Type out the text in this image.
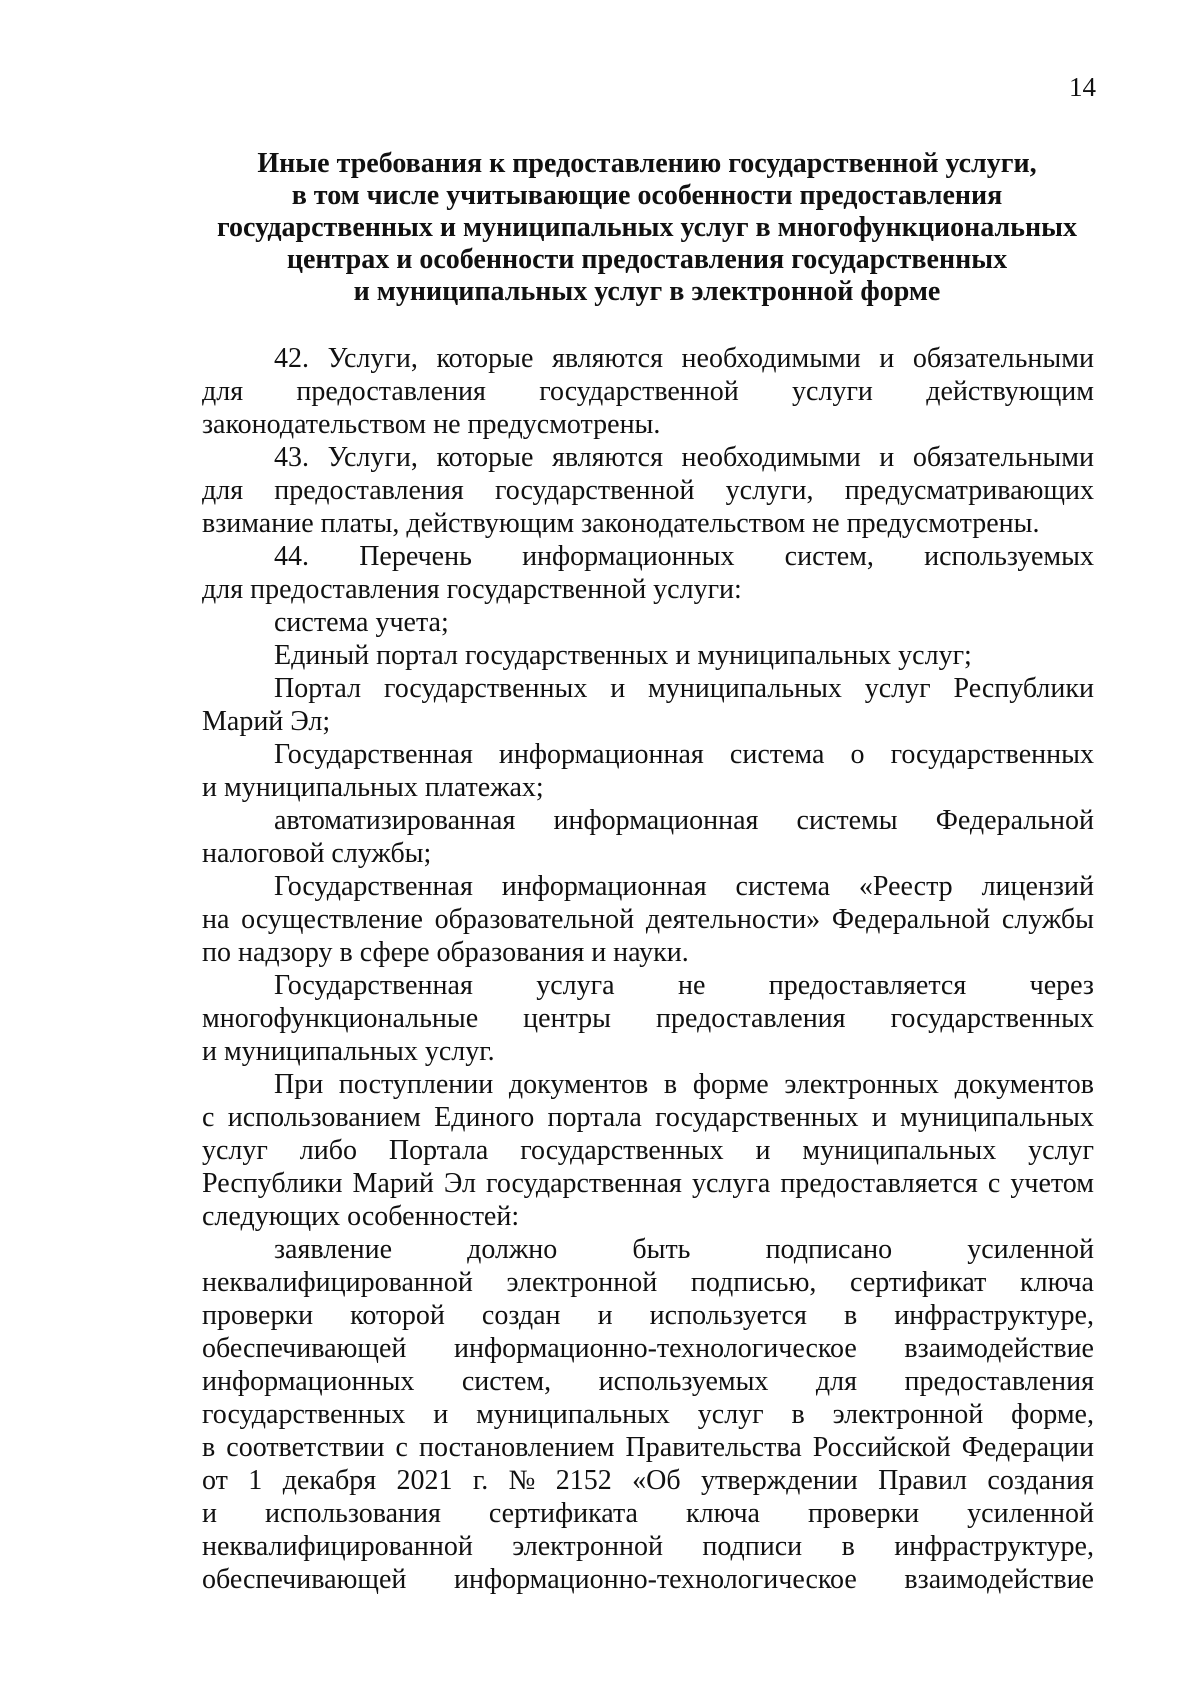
14
Иные требования к предоставлению государственной услуги,
в том числе учитывающие особенности предоставления
государственных и муниципальных услуг в многофункциональных
центрах и особенности предоставления государственных
и муниципальных услуг в электронной форме
42. Услуги, которые являются необходимыми и обязательными
для предоставления государственной услуги действующим
законодательством не предусмотрены.
43. Услуги, которые являются необходимыми и обязательными
для предоставления государственной услуги, предусматривающих
взимание платы, действующим законодательством не предусмотрены.
44. Перечень информационных систем, используемых
для предоставления государственной услуги:
система учета;
Единый портал государственных и муниципальных услуг;
Портал государственных и муниципальных услуг Республики
Марий Эл;
Государственная информационная система о государственных
и муниципальных платежах;
автоматизированная информационная системы Федеральной
налоговой службы;
Государственная информационная система «Реестр лицензий
на осуществление образовательной деятельности» Федеральной службы
по надзору в сфере образования и науки.
Государственная услуга не предоставляется через
многофункциональные центры предоставления государственных
и муниципальных услуг.
При поступлении документов в форме электронных документов
с использованием Единого портала государственных и муниципальных
услуг либо Портала государственных и муниципальных услуг
Республики Марий Эл государственная услуга предоставляется с учетом
следующих особенностей:
заявление	должно	быть	подписано	усиленной
неквалифицированной электронной подписью, сертификат ключа
проверки которой создан и используется в инфраструктуре,
обеспечивающей информационно-технологическое взаимодействие
информационных систем, используемых для предоставления
государственных и муниципальных услуг в электронной форме,
в соответствии с постановлением Правительства Российской Федерации
от 1 декабря 2021 г. № 2152 «Об утверждении Правил создания
и использования сертификата ключа проверки усиленной
неквалифицированной электронной подписи в инфраструктуре,
обеспечивающей информационно-технологическое взаимодействие
